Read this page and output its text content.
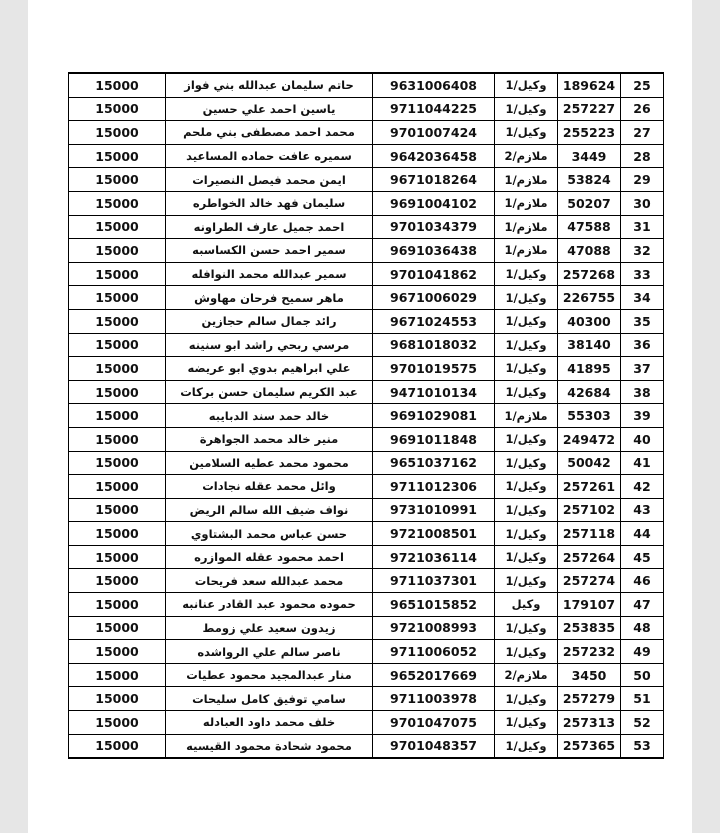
15000	حاتم سليمان عبدالله بني فواز	9631006408	وكيل/1	189624	25
15000	ياسين احمد علي حسين	9711044225	وكيل/1	257227	26
15000	محمد احمد مصطفى بني ملحم	9701007424	وكيل/1	255223	27
15000	سميره عافت حماده المساعيد	9642036458	ملازم/2	3449	28
15000	ايمن محمد فيصل النصيرات	9671018264	ملازم/1	53824	29
15000	سليمان فهد خالد الخواطره	9691004102	ملازم/1	50207	30
15000	احمد جميل عارف الطراونه	9701034379	ملازم/1	47588	31
15000	سمير احمد حسن الكساسبه	9691036438	ملازم/1	47088	32
15000	سمير عبدالله محمد النوافله	9701041862	وكيل/1	257268	33
15000	ماهر سميح فرحان مهاوش	9671006029	وكيل/1	226755	34
15000	رائد جمال سالم حجازين	9671024553	وكيل/1	40300	35
15000	مرسي ربحي راشد ابو سنينه	9681018032	وكيل/1	38140	36
15000	علي ابراهيم بدوي ابو عريضه	9701019575	وكيل/1	41895	37
15000	عبد الكريم سليمان حسن بركات	9471010134	وكيل/1	42684	38
15000	خالد حمد سند الدبايبه	9691029081	ملازم/1	55303	39
15000	منير خالد محمد الجواهرة	9691011848	وكيل/1	249472	40
15000	محمود محمد عطيه السلامين	9651037162	وكيل/1	50042	41
15000	وائل محمد عقله نجادات	9711012306	وكيل/1	257261	42
15000	نواف ضيف الله سالم الريض	9731010991	وكيل/1	257102	43
15000	حسن عباس محمد البشتاوي	9721008501	وكيل/1	257118	44
15000	احمد محمود عقله الموازره	9721036114	وكيل/1	257264	45
15000	محمد عبدالله سعد فريحات	9711037301	وكيل/1	257274	46
15000	حموده محمود عبد القادر عنانبه	9651015852	وكيل	179107	47
15000	زيدون سعيد علي زومط	9721008993	وكيل/1	253835	48
15000	ناصر سالم علي الرواشده	9711006052	وكيل/1	257232	49
15000	منار عبدالمجيد محمود عطيات	9652017669	ملازم/2	3450	50
15000	سامي توفيق كامل سليحات	9711003978	وكيل/1	257279	51
15000	خلف محمد داود العبادله	9701047075	وكيل/1	257313	52
15000	محمود شحادة محمود القيسيه	9701048357	وكيل/1	257365	53
